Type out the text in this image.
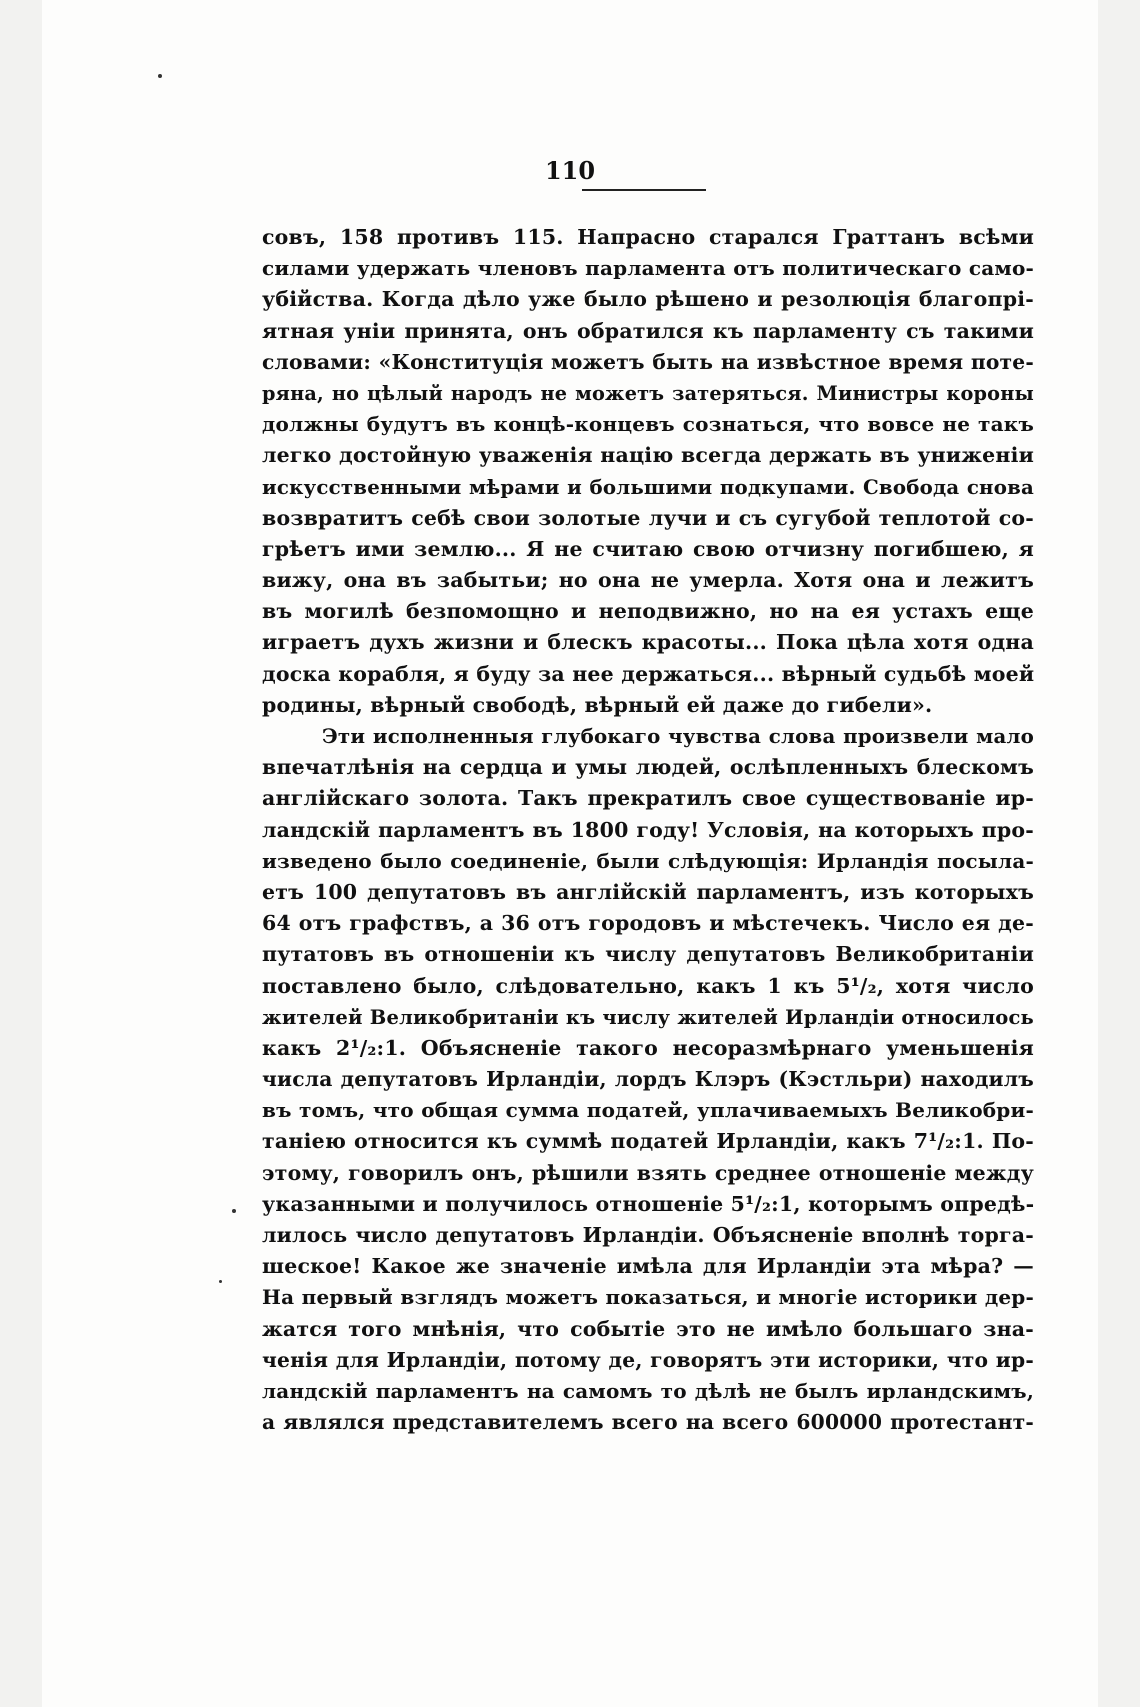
110
совъ, 158 противъ 115. Напрасно старался Граттанъ всѣми
силами удержать членовъ парламента отъ политическаго само-
убійства. Когда дѣло уже было рѣшено и резолюція благопрі-
ятная уніи принята, онъ обратился къ парламенту съ такими
словами: «Конституція можетъ быть на извѣстное время поте-
ряна, но цѣлый народъ не можетъ затеряться. Министры короны
должны будутъ въ концѣ-концевъ сознаться, что вовсе не такъ
легко достойную уваженія націю всегда держать въ униженіи
искусственными мѣрами и большими подкупами. Свобода снова
возвратитъ себѣ свои золотые лучи и съ сугубой теплотой со-
грѣетъ ими землю... Я не считаю свою отчизну погибшею, я
вижу, она въ забытьи; но она не умерла. Хотя она и лежитъ
въ могилѣ безпомощно и неподвижно, но на ея устахъ еще
играетъ духъ жизни и блескъ красоты... Пока цѣла хотя одна
доска корабля, я буду за нее держаться... вѣрный судьбѣ моей
родины, вѣрный свободѣ, вѣрный ей даже до гибели».
Эти исполненныя глубокаго чувства слова произвели мало
впечатлѣнія на сердца и умы людей, ослѣпленныхъ блескомъ
англійскаго золота. Такъ прекратилъ свое существованіе ир-
ландскій парламентъ въ 1800 году! Условія, на которыхъ про-
изведено было соединеніе, были слѣдующія: Ирландія посыла-
етъ 100 депутатовъ въ англійскій парламентъ, изъ которыхъ
64 отъ графствъ, а 36 отъ городовъ и мѣстечекъ. Число ея де-
путатовъ въ отношеніи къ числу депутатовъ Великобританіи
поставлено было, слѣдовательно, какъ 1 къ 5¹/₂, хотя число
жителей Великобританіи къ числу жителей Ирландіи относилось
какъ 2¹/₂:1. Объясненіе такого несоразмѣрнаго уменьшенія
числа депутатовъ Ирландіи, лордъ Клэръ (Кэстльри) находилъ
въ томъ, что общая сумма податей, уплачиваемыхъ Великобри-
таніею относится къ суммѣ податей Ирландіи, какъ 7¹/₂:1. По-
этому, говорилъ онъ, рѣшили взять среднее отношеніе между
указанными и получилось отношеніе 5¹/₂:1, которымъ опредѣ-
лилось число депутатовъ Ирландіи. Объясненіе вполнѣ торга-
шеское! Какое же значеніе имѣла для Ирландіи эта мѣра? —
На первый взглядъ можетъ показаться, и многіе историки дер-
жатся того мнѣнія, что событіе это не имѣло большаго зна-
ченія для Ирландіи, потому де, говорятъ эти историки, что ир-
ландскій парламентъ на самомъ то дѣлѣ не былъ ирландскимъ,
а являлся представителемъ всего на всего 600000 протестант-
